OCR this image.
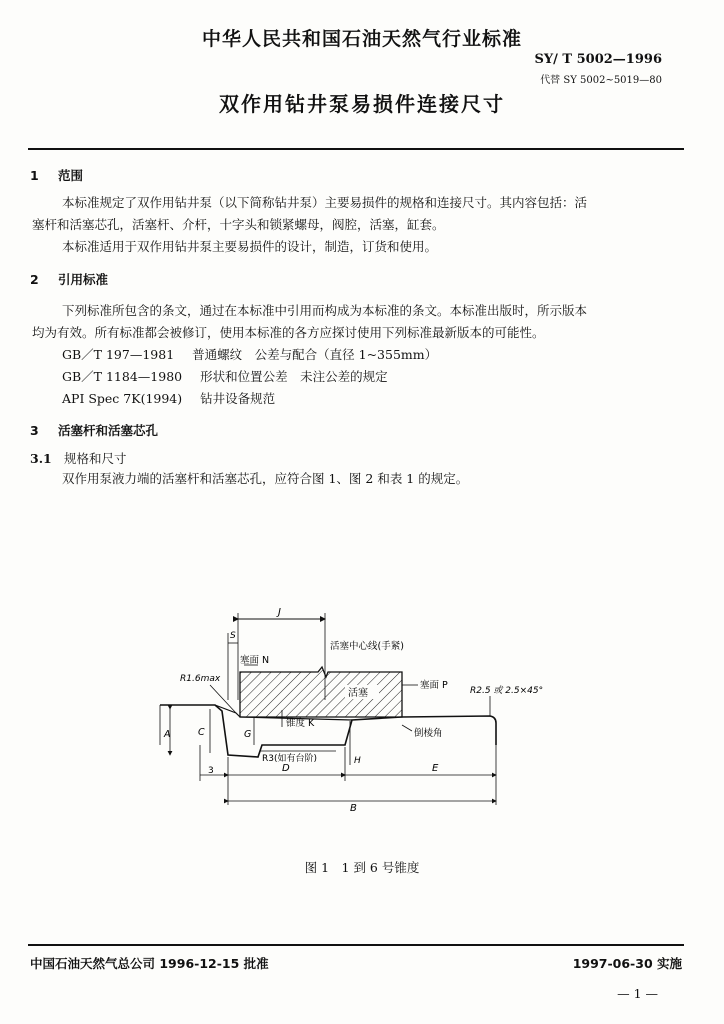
中华人民共和国石油天然气行业标准
SY/ T 5002—1996
代替 SY 5002~5019—80
双作用钻井泵易损件连接尺寸
1 范围

本标准规定了双作用钻井泵（以下简称钻井泵）主要易损件的规格和连接尺寸。其内容包括：活

塞杆和活塞芯孔，活塞杆、介杆，十字头和锁紧螺母，阀腔，活塞，缸套。

本标准适用于双作用钻井泵主要易损件的设计，制造，订货和使用。

2 引用标准

下列标准所包含的条文，通过在本标准中引用而构成为本标准的条文。本标准出版时，所示版本

均为有效。所有标准都会被修订，使用本标准的各方应探讨使用下列标准最新版本的可能性。

GB／T 197—1981 普通螺纹　公差与配合（直径 1~355mm）
GB／T 1184—1980 形状和位置公差　未注公差的规定
API Spec 7K(1994) 钻井设备规范
3 活塞杆和活塞芯孔
3.1 规格和尺寸

双作用泵液力端的活塞杆和活塞芯孔，应符合图 1、图 2 和表 1 的规定。

J
S
塞面 N
活塞中心线(手紧)
活塞
塞面 P
R1.6max
R2.5 或 2.5×45°
锥度 K
倒棱角
A	C	G
R3(如有台阶)	H
3	D	E
B
图 1　1 到 6 号锥度
中国石油天然气总公司 1996-12-15 批准	1997-06-30 实施
— 1 —
